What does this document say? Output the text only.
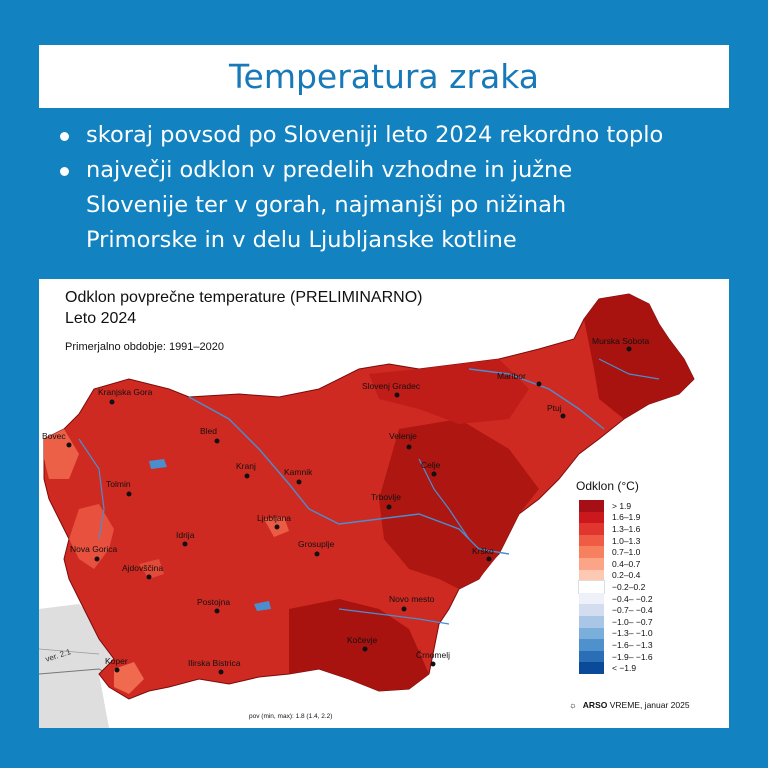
Temperatura zraka
skoraj povsod po Sloveniji leto 2024 rekordno toplo
največji odklon v predelih vzhodne in južne Slovenije ter v gorah, najmanjši po nižinah Primorske in v delu Ljubljanske kotline
Odklon povprečne temperature (PRELIMINARNO)
Leto 2024
Primerjalno obdobje: 1991–2020	Murska Sobota
Maribor
Ptuj
Slovenj Gradec
Kranjska Gora
Bovec	Bled	Velenje
Celje
Kranj
Kamnik
Tolmin
Trbovlje
Ljubljana
Idrija
Nova Gorica	Grosuplje
Krško
Ajdovščina
Novo mesto
Postojna
Kočevje
Črnomelj
Koper	Ilirska Bistrica
ver. 2.1
Odklon (°C)
> 1.9
1.6–1.9
1.3–1.6
1.0–1.3
0.7–1.0
0.4–0.7
0.2–0.4
−0.2–0.2
−0.4– −0.2
−0.7– −0.4
−1.0– −0.7
−1.3– −1.0
−1.6– −1.3
−1.9– −1.6
< −1.9
pov (min, max): 1.8 (1.4, 2.2)
☼ ARSO VREME, januar 2025
